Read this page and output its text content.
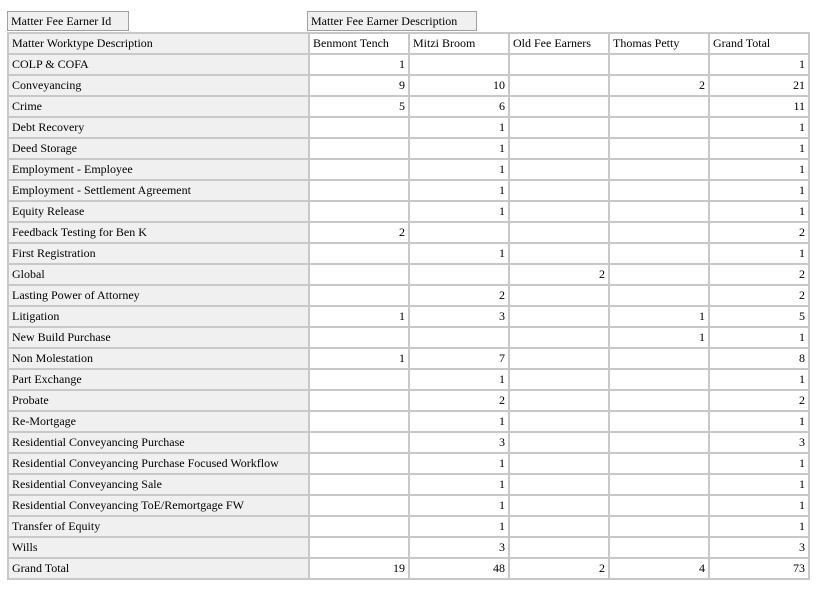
Matter Fee Earner Id	Matter Fee Earner Description
Matter Worktype Description	Benmont Tench	Mitzi Broom	Old Fee Earners	Thomas Petty	Grand Total
COLP & COFA	1				1
Conveyancing	9	10		2	21
Crime	5	6			11
Debt Recovery		1			1
Deed Storage		1			1
Employment - Employee		1			1
Employment - Settlement Agreement		1			1
Equity Release		1			1
Feedback Testing for Ben K	2				2
First Registration		1			1
Global			2		2
Lasting Power of Attorney		2			2
Litigation	1	3		1	5
New Build Purchase				1	1
Non Molestation	1	7			8
Part Exchange		1			1
Probate		2			2
Re-Mortgage		1			1
Residential Conveyancing Purchase		3			3
Residential Conveyancing Purchase Focused Workflow		1			1
Residential Conveyancing Sale		1			1
Residential Conveyancing ToE/Remortgage FW		1			1
Transfer of Equity		1			1
Wills		3			3
Grand Total	19	48	2	4	73
